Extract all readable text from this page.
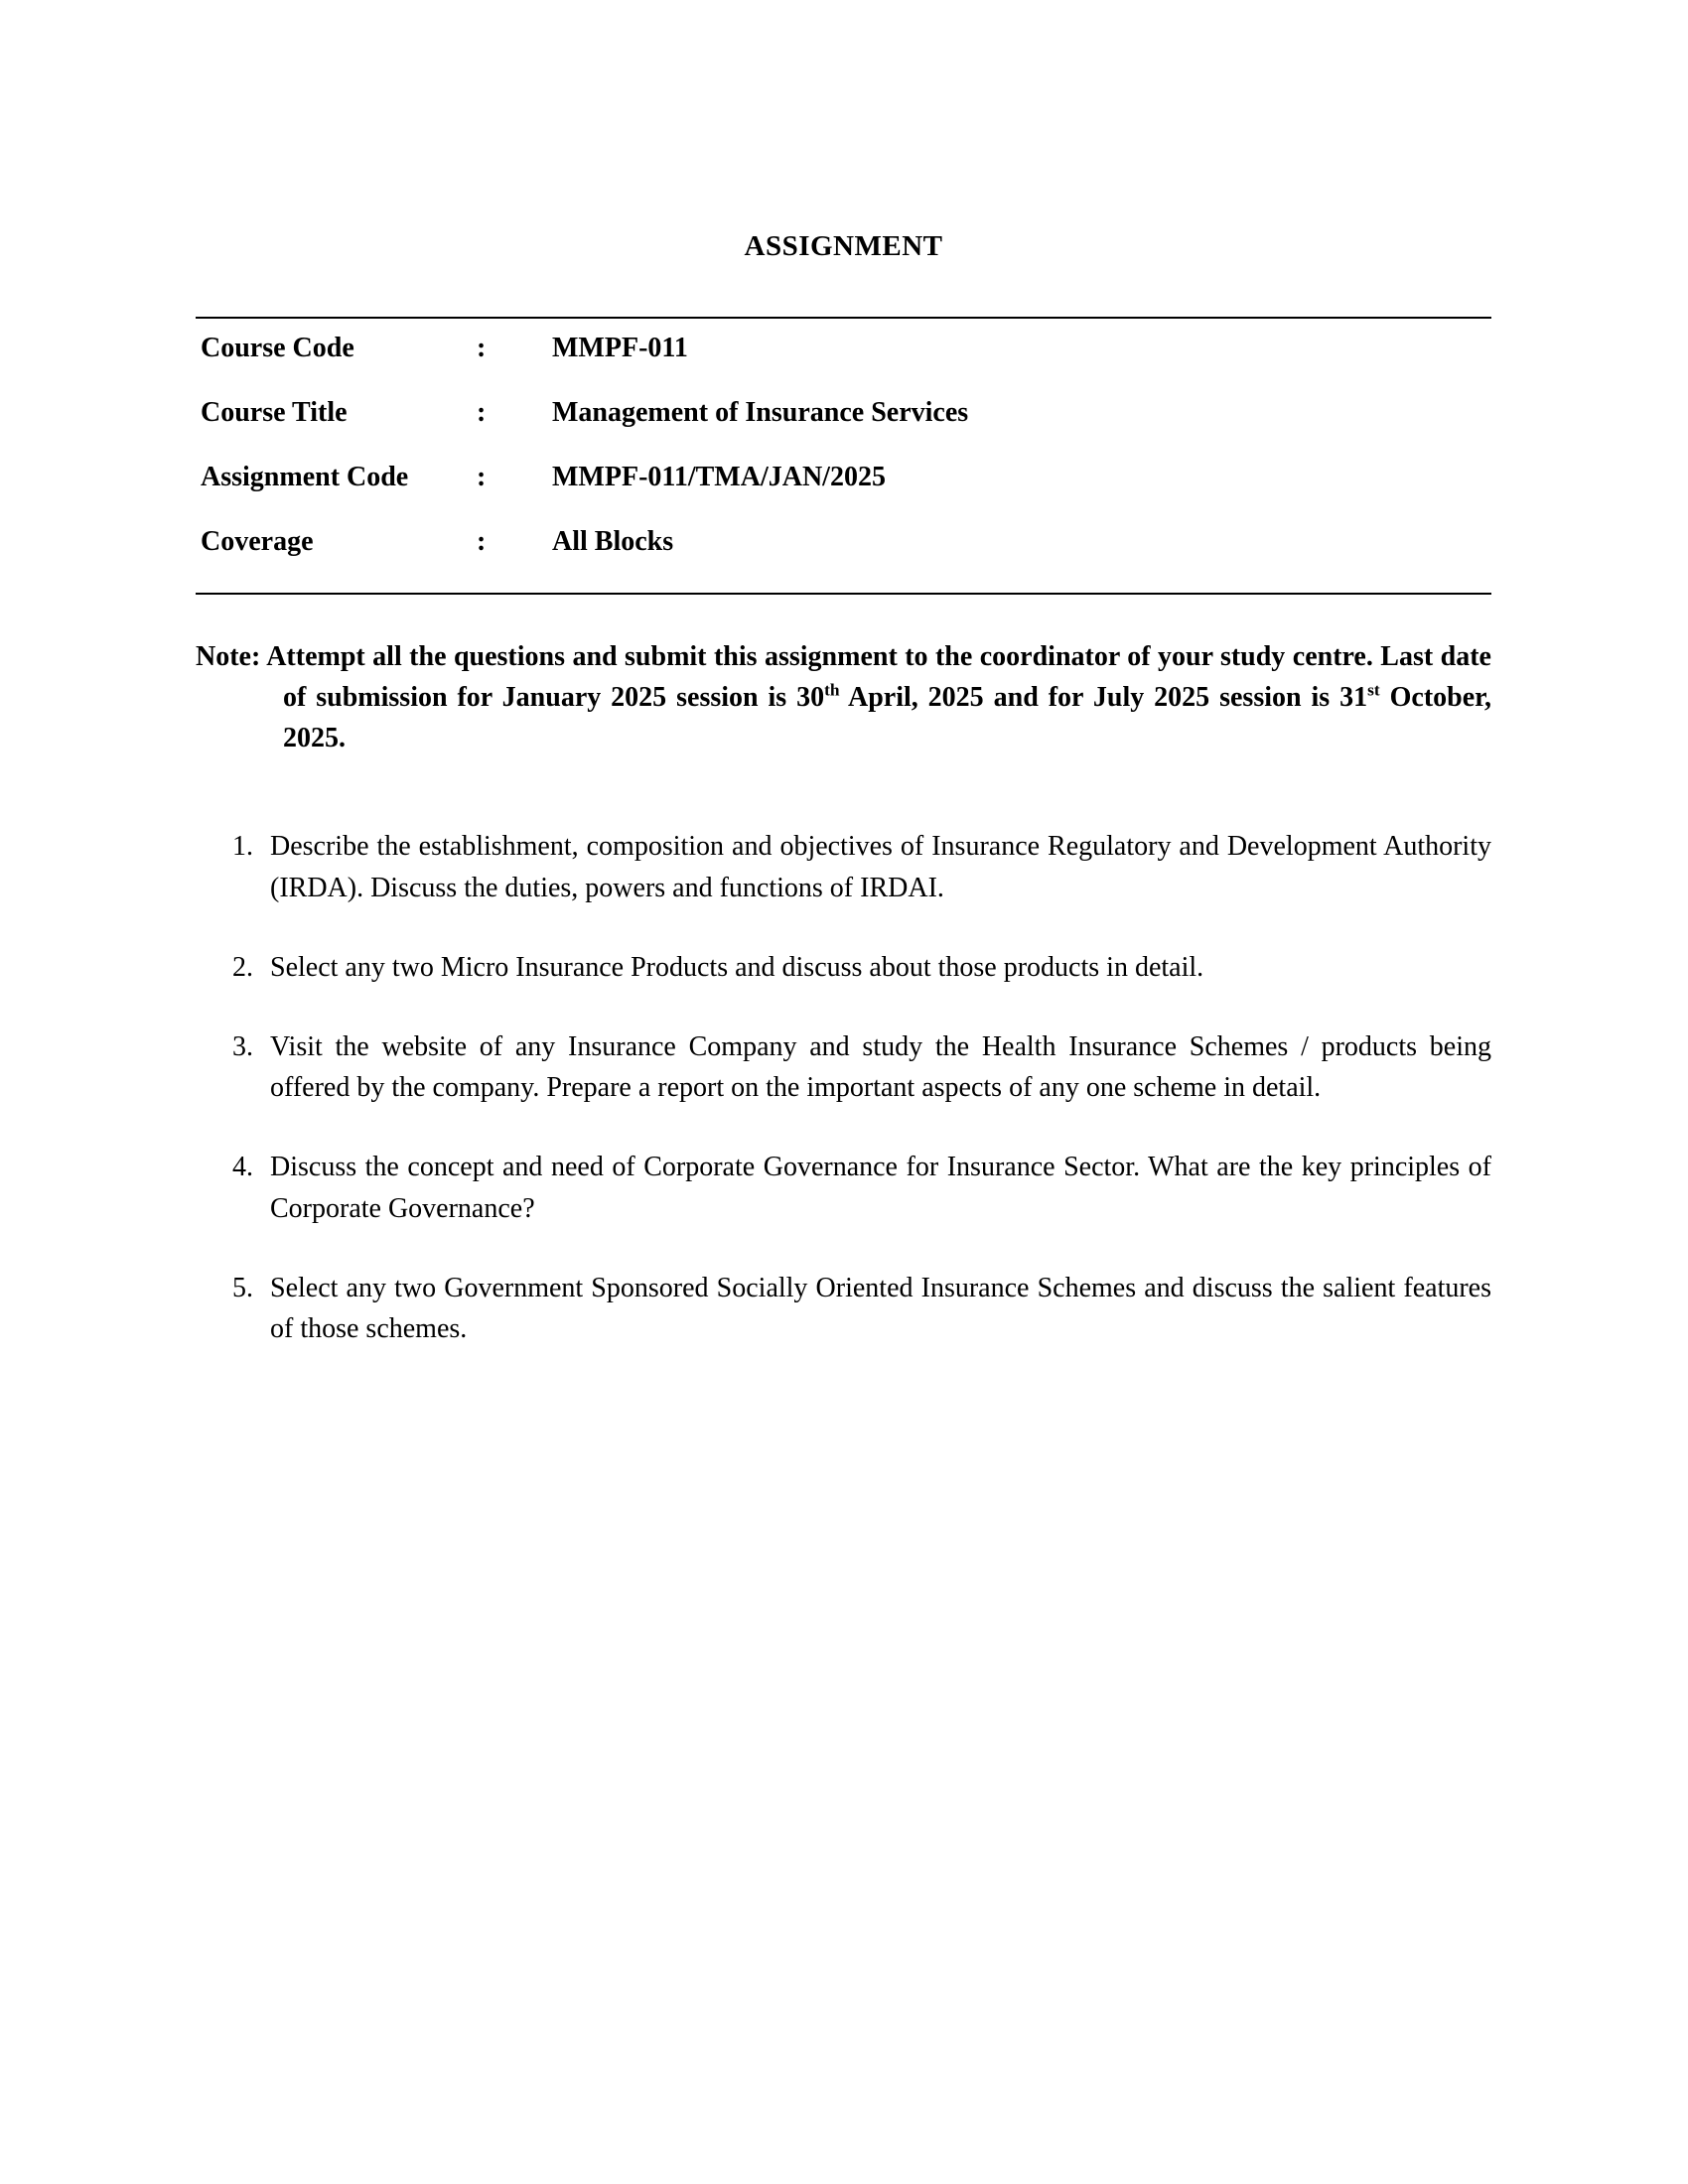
ASSIGNMENT
Course Code	:	MMPF-011
Course Title	:	Management of Insurance Services
Assignment Code	:	MMPF-011/TMA/JAN/2025
Coverage	:	All Blocks
Note: Attempt all the questions and submit this assignment to the coordinator of your study centre. Last date of submission for January 2025 session is 30th April, 2025 and for July 2025 session is 31st October, 2025.
1. Describe the establishment, composition and objectives of Insurance Regulatory and Development Authority (IRDA). Discuss the duties, powers and functions of IRDAI.
2. Select any two Micro Insurance Products and discuss about those products in detail.
3. Visit the website of any Insurance Company and study the Health Insurance Schemes / products being offered by the company. Prepare a report on the important aspects of any one scheme in detail.
4. Discuss the concept and need of Corporate Governance for Insurance Sector. What are the key principles of Corporate Governance?
5. Select any two Government Sponsored Socially Oriented Insurance Schemes and discuss the salient features of those schemes.
